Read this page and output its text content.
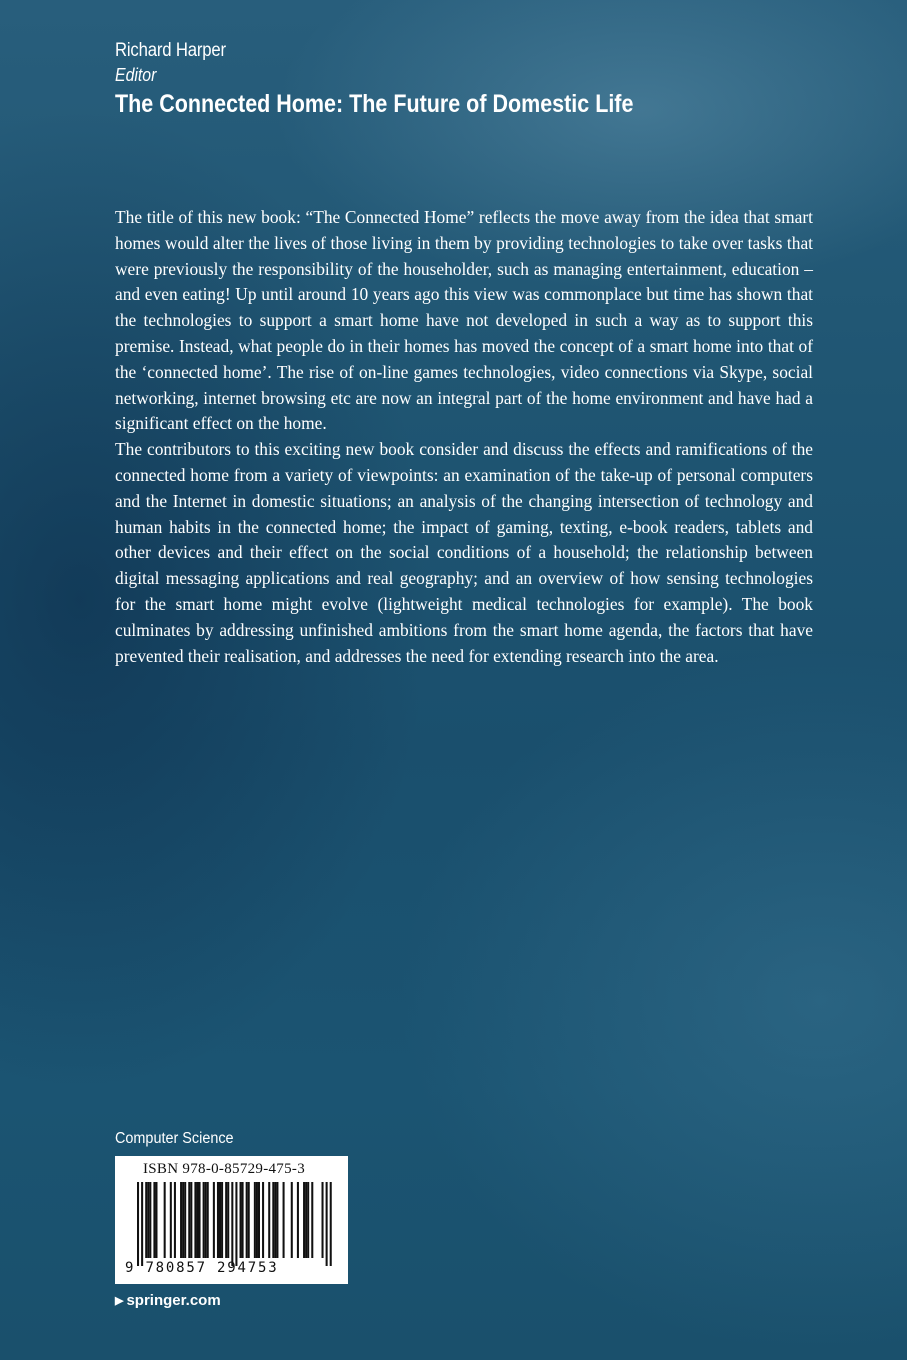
Richard Harper
Editor
The Connected Home: The Future of Domestic Life

The title of this new book: “The Connected Home” reflects the move away from the idea that smart homes would alter the lives of those living in them by providing technologies to take over tasks that were previously the responsibility of the householder, such as managing entertainment, education – and even eating! Up until around 10 years ago this view was commonplace but time has shown that the technologies to support a smart home have not developed in such a way as to support this premise. Instead, what people do in their homes has moved the concept of a smart home into that of the ‘connected home’. The rise of on-line games technologies, video connections via Skype, social networking, internet browsing etc are now an integral part of the home environment and have had a significant effect on the home.

The contributors to this exciting new book consider and discuss the effects and ramifications of the connected home from a variety of viewpoints: an examination of the take-up of personal computers and the Internet in domestic situations; an analysis of the changing intersection of technology and human habits in the connected home; the impact of gaming, texting, e-book readers, tablets and other devices and their effect on the social conditions of a household; the relationship between digital messaging applications and real geography; and an overview of how sensing technologies for the smart home might evolve (lightweight medical technologies for example). The book culminates by addressing unfinished ambitions from the smart home agenda, the factors that have prevented their realisation, and addresses the need for extending research into the area.

Computer Science
ISBN 978-0-85729-475-3
9 780857 294753
▶ springer.com
